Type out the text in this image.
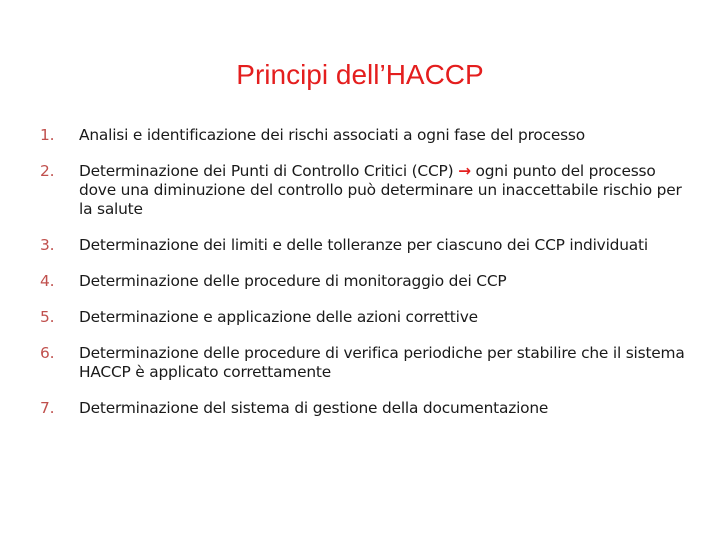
Principi dell’HACCP
1. Analisi e identificazione dei rischi associati a ogni fase del processo
2. Determinazione dei Punti di Controllo Critici (CCP) → ogni punto del processo dove una diminuzione del controllo può determinare un inaccettabile rischio per la salute
3. Determinazione dei limiti e delle tolleranze per ciascuno dei CCP individuati
4. Determinazione delle procedure di monitoraggio dei CCP
5. Determinazione e applicazione delle azioni correttive
6. Determinazione delle procedure di verifica periodiche per stabilire che il sistema HACCP è applicato correttamente
7. Determinazione del sistema di gestione della documentazione
